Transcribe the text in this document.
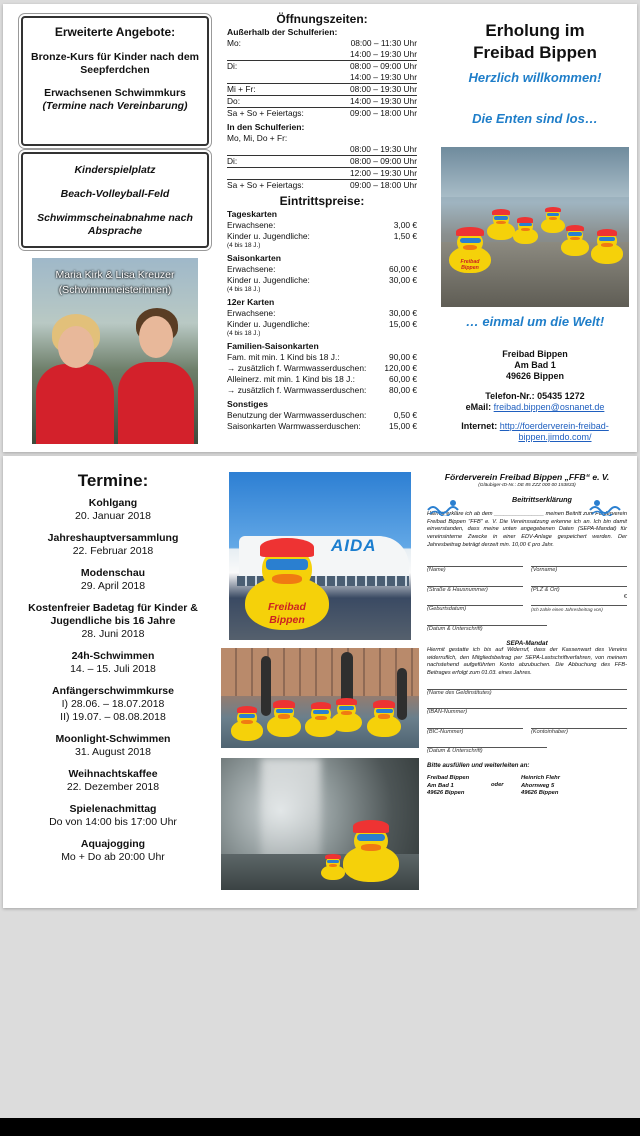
Erweiterte Angebote:
Bronze-Kurs für Kinder nach dem Seepferdchen
Erwachsenen Schwimmkurs
(Termine nach Vereinbarung)
Kinderspielplatz
Beach-Volleyball-Feld
Schwimmscheinabnahme nach Absprache
Maria Kirk & Lisa Kreuzer
(Schwimmmeisterinnen)
Öffnungszeiten:
Außerhalb der Schulferien:
Mo:	08:00 – 11:30 Uhr
14:00 – 19:30 Uhr
Di:	08:00 – 09:00 Uhr
14:00 – 19:30 Uhr
Mi + Fr:	08:00 – 19:30 Uhr
Do:	14:00 – 19:30 Uhr
Sa + So + Feiertags:	09:00 – 18:00 Uhr
In den Schulferien:
Mo, Mi, Do + Fr:
08:00 – 19:30 Uhr
Di:	08:00 – 09:00 Uhr
12:00 – 19:30 Uhr
Sa + So + Feiertags:	09:00 – 18:00 Uhr
Eintrittspreise:
Tageskarten
Erwachsene:	3,00 €
Kinder u. Jugendliche:	1,50 €
(4 bis 18 J.)
Saisonkarten
Erwachsene:	60,00 €
Kinder u. Jugendliche:	30,00 €
(4 bis 18 J.)
12er Karten
Erwachsene:	30,00 €
Kinder u. Jugendliche:	15,00 €
(4 bis 18 J.)
Familien-Saisonkarten
Fam. mit min. 1 Kind bis 18 J.:	90,00 €
→ zusätzlich f. Warmwasserduschen: 120,00 €
Alleinerz. mit min. 1 Kind bis 18 J.:	60,00 €
→ zusätzlich f. Warmwasserduschen:	80,00 €
Sonstiges
Benutzung der Warmwasserduschen:	0,50 €
Saisonkarten Warmwasserduschen:	15,00 €
Erholung im
Freibad Bippen
Herzlich willkommen!
Die Enten sind los…
Freibad Bippen
… einmal um die Welt!
Freibad Bippen
Am Bad 1
49626 Bippen
Telefon-Nr.: 05435 1272
eMail: freibad.bippen@osnanet.de
Internet: http://foerderverein-freibad-
bippen.jimdo.com/
Termine:
Kohlgang
20. Januar 2018
Jahreshauptversammlung
22. Februar 2018
Modenschau
29. April 2018
Kostenfreier Badetag für Kinder & Jugendliche bis 16 Jahre
28. Juni 2018
24h-Schwimmen
14. – 15. Juli 2018
Anfängerschwimmkurse
I) 28.06. – 18.07.2018
II) 19.07. – 08.08.2018
Moonlight-Schwimmen
31. August 2018
Weihnachtskaffee
22. Dezember 2018
Spielenachmittag
Do von 14:00 bis 17:00 Uhr
Aquajogging
Mo + Do ab 20:00 Uhr
AIDA
Freibad Bippen
Förderverein Freibad Bippen „FFB“ e. V.
(Gläubiger-ID-Nr.: DE 85 ZZZ 000 00 153833)
Beitrittserklärung
Hiermit erkläre ich ab dem ________________ meinen Beitritt zum Förderverein Freibad Bippen "FFB" e. V. Die Vereinssatzung erkenne ich an. Ich bin damit einverstanden, dass meine unten angegebenen Daten (SEPA-Mandat) für vereinsinterne Zwecke in einer EDV-Anlage gespeichert werden. Der Jahresbeitrag beträgt derzeit min. 10,00 € pro Jahr.
(Name)	(Vorname)
(Straße & Hausnummer)	(PLZ & Ort)
(Geburtsdatum)
€
(Ich zahle einen Jahresbeitrag von)
(Datum & Unterschrift)
SEPA-Mandat
Hiermit gestatte ich bis auf Widerruf, dass der Kassenwart des Vereins widerruflich, den Mitgliedsbeitrag per SEPA-Lastschriftverfahren, von meinem nachstehend aufgeführten Konto abzubuchen. Die Abbuchung des FFB-Beitrages erfolgt zum 01.03. eines Jahres.
(Name des Geldinstitutes)
(IBAN-Nummer)
(BIC-Nummer)	(Kontoinhaber)
(Datum & Unterschrift)
Bitte ausfüllen und weiterleiten an:
Freibad Bippen
Am Bad 1
49626 Bippen
oder
Heinrich Flehr
Ahornweg 5
49626 Bippen
